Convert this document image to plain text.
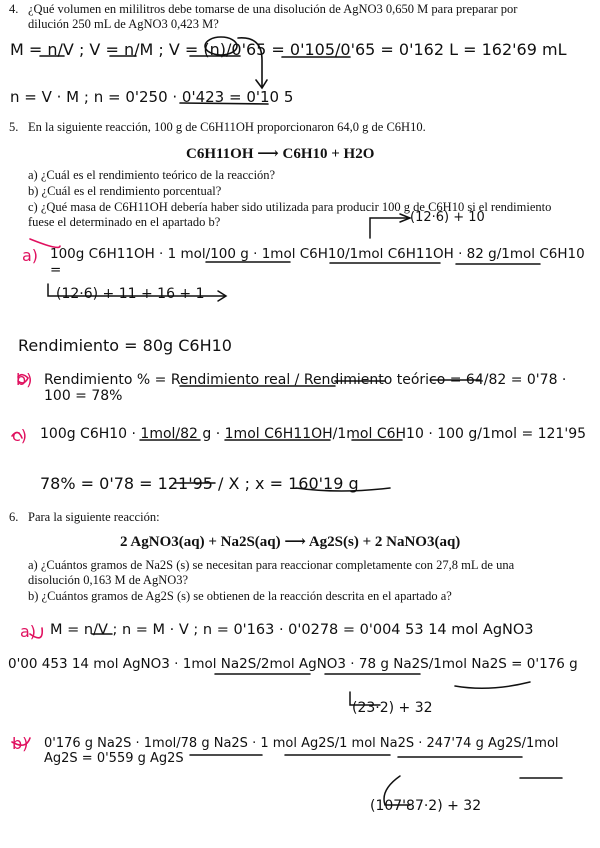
4. ¿Qué volumen en mililitros debe tomarse de una disolución de AgNO3 0,650 M para preparar por

dilución 250 mL de AgNO3 0,423 M?

M = n/V ; V = n/M ; V = (n)/0'65 = 0'105/0'65 = 0'162 L = 162'69 mL
n = V · M ; n = 0'250 · 0'423 = 0'10 5
5. En la siguiente reacción, 100 g de C6H11OH proporcionaron 64,0 g de C6H10.

C6H11OH ⟶ C6H10 + H2O

a) ¿Cuál es el rendimiento teórico de la reacción?

b) ¿Cuál es el rendimiento porcentual?

c) ¿Qué masa de C6H11OH debería haber sido utilizada para producir 100 g de C6H10 si el rendimiento

fuese el determinado en el apartado b?	(12·6) + 10
a) 100g C6H11OH · 1 mol/100 g · 1mol C6H10/1mol C6H11OH · 82 g/1mol C6H10 =
(12·6) + 11 + 16 + 1
Rendimiento = 80g C6H10
b) Rendimiento % = Rendimiento real / Rendimiento teórico = 64/82 = 0'78 · 100 = 78%
c) 100g C6H10 · 1mol/82 g · 1mol C6H11OH/1mol C6H10 · 100 g/1mol = 121'95
78% = 0'78 = 121'95 / X ; x = 160'19 g
6. Para la siguiente reacción:

2 AgNO3(aq) + Na2S(aq) ⟶ Ag2S(s) + 2 NaNO3(aq)

a) ¿Cuántos gramos de Na2S (s) se necesitan para reaccionar completamente con 27,8 mL de una

disolución 0,163 M de AgNO3?

b) ¿Cuántos gramos de Ag2S (s) se obtienen de la reacción descrita en el apartado a?

a) M = n/V ; n = M · V ; n = 0'163 · 0'0278 = 0'004 53 14 mol AgNO3
0'00 453 14 mol AgNO3 · 1mol Na2S/2mol AgNO3 · 78 g Na2S/1mol Na2S = 0'176 g
(23·2) + 32
b) 0'176 g Na2S · 1mol/78 g Na2S · 1 mol Ag2S/1 mol Na2S · 247'74 g Ag2S/1mol Ag2S = 0'559 g Ag2S
(107'87·2) + 32
